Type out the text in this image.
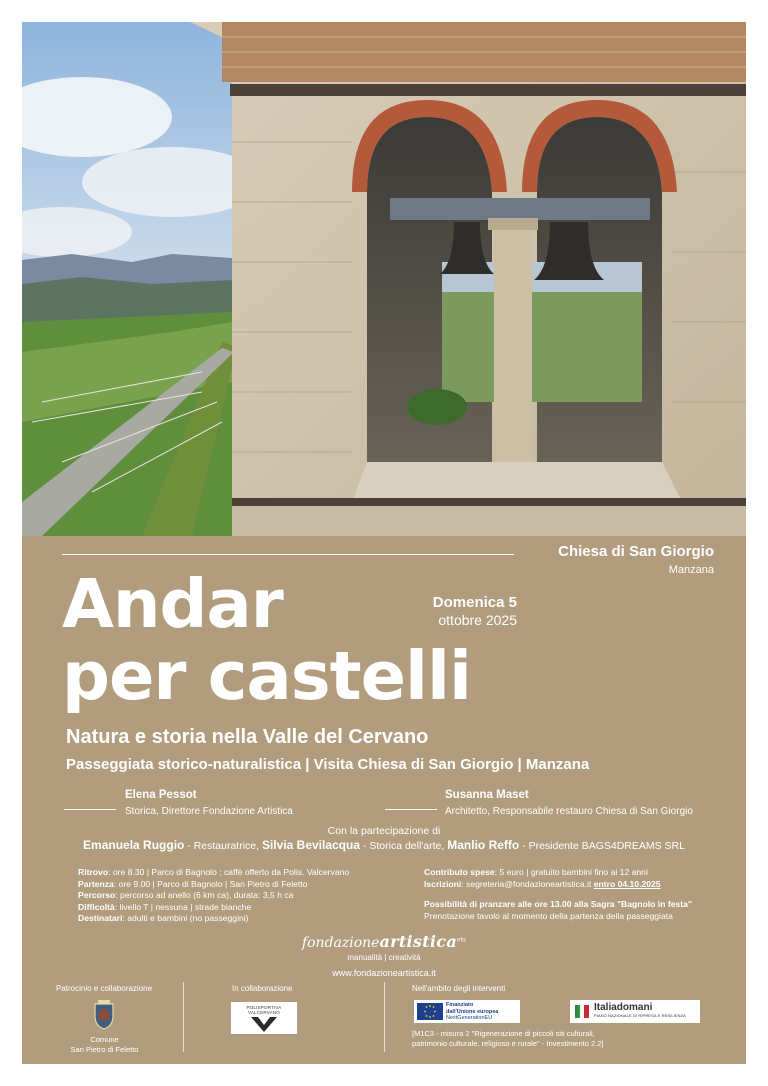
Chiesa di San Giorgio
Manzana
Andar
per castelli
Domenica 5
ottobre 2025
Natura e storia nella Valle del Cervano
Passeggiata storico-naturalistica | Visita Chiesa di San Giorgio | Manzana
Elena Pessot
Storica, Direttore Fondazione Artistica
Susanna Maset
Architetto, Responsabile restauro Chiesa di San Giorgio
Con la partecipazione di
Emanuela Ruggio - Restauratrice, Silvia Bevilacqua - Storica dell'arte, Manlio Reffo - Presidente BAGS4DREAMS SRL
Ritrovo: ore 8.30 | Parco di Bagnolo ; caffè offerto da Polis. Valcervano
Partenza: ore 9.00 | Parco di Bagnolo | San Pietro di Feletto
Percorso: percorso ad anello (6 km ca), durata: 3,5 h ca
Difficoltà: livello T | nessuna | strade bianche
Destinatari: adulti e bambini (no passeggini)
Contributo spese: 5 euro | gratuito bambini fino ai 12 anni
Iscrizioni: segreteria@fondazioneartistica.it entro 04.10.2025
Possibilità di pranzare alle ore 13.00 alla Sagra "Bagnolo in festa"
Prenotazione tavolo al momento della partenza della passeggiata
fondazioneartistica$^{ets}$
manualità | creatività
www.fondazioneartistica.it
Patrocinio e collaborazione	In collaborazione	Nell'ambito degli interventi
Comune
San Pietro di Feletto
POLISPORTIVA VALCERVANO
Finanziato
dall'Unione europea
NextGenerationEU
Italiadomani
PIANO NAZIONALE DI RIPRESA E RESILIENZA
[M1C3 - misura 2 "Rigenerazione di piccoli siti culturali,
patrimonio culturale, religioso e rurale" - Investimento 2.2]
